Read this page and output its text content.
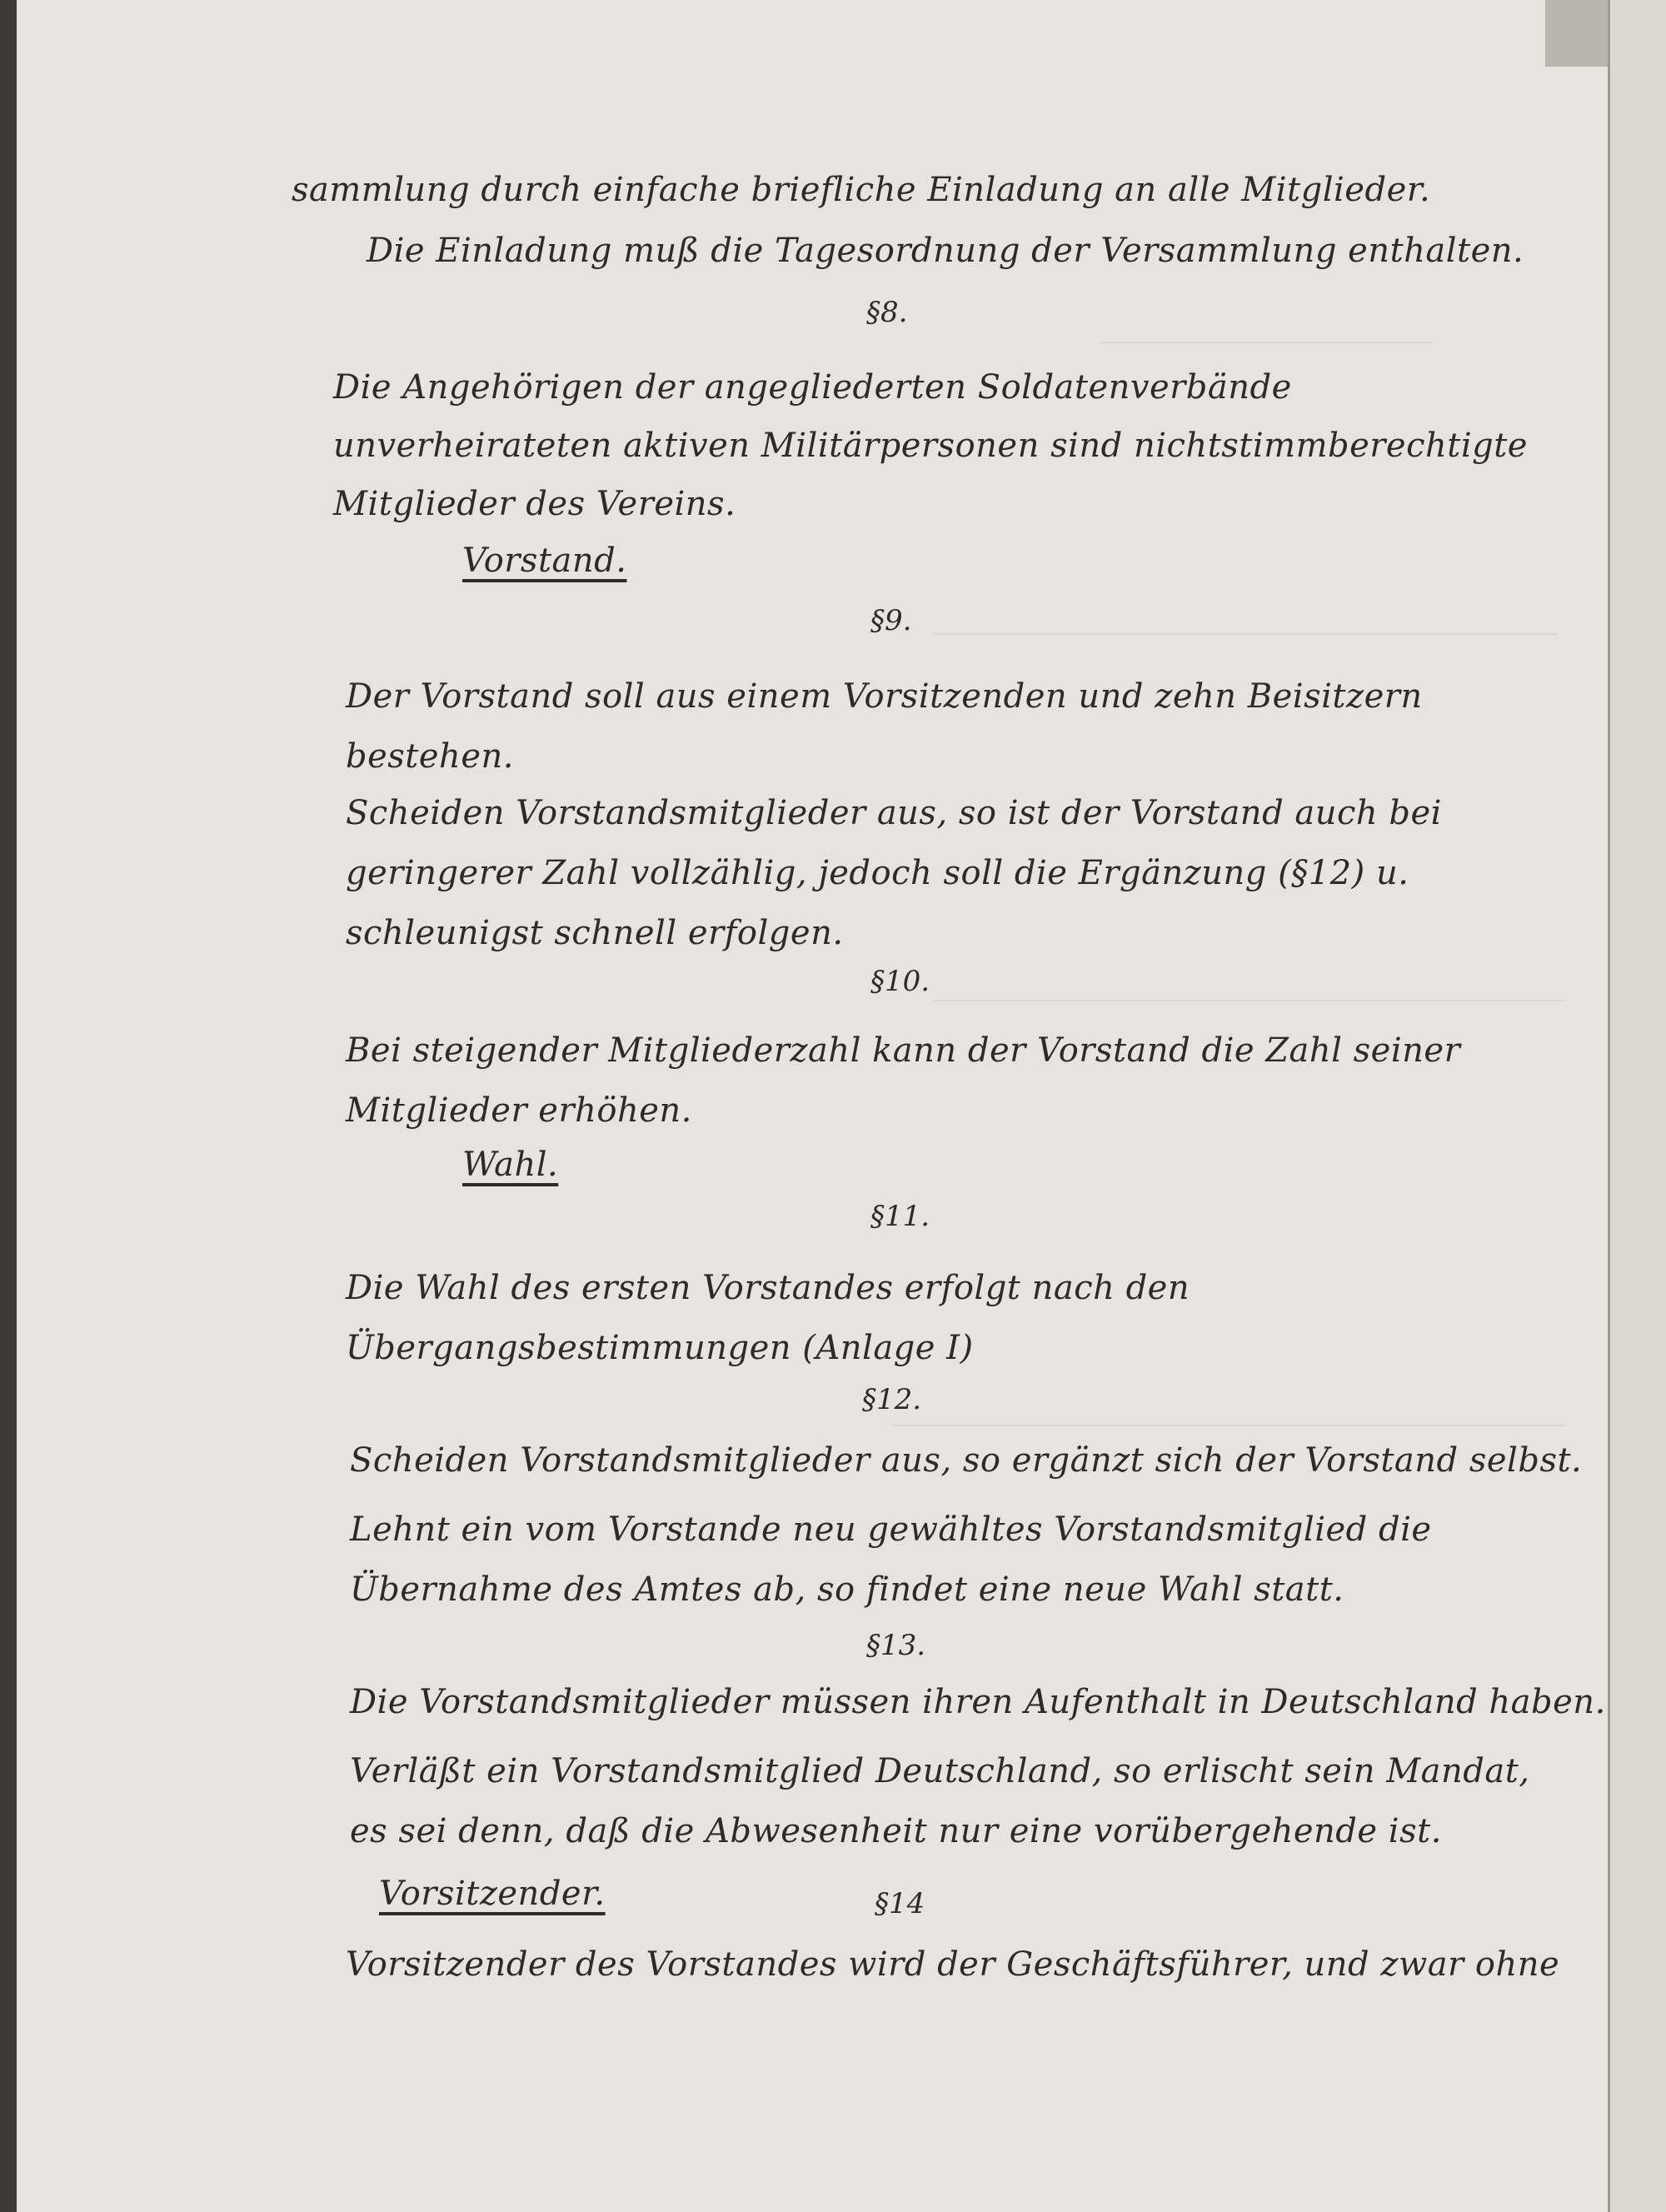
sammlung durch einfache briefliche Einladung an alle Mitglieder.
Die Einladung muß die Tagesordnung der Versammlung enthalten.
§8.
Die Angehörigen der angegliederten Soldatenverbände unverheirateten aktiven Militärpersonen sind nichtstimmberechtigte Mitglieder des Vereins.
Vorstand.
§9.
Der Vorstand soll aus einem Vorsitzenden und zehn Beisitzern bestehen.
Scheiden Vorstandsmitglieder aus, so ist der Vorstand auch bei geringerer Zahl vollzählig, jedoch soll die Ergänzung (§12) u. schleunigst schnell erfolgen.
§10.
Bei steigender Mitgliederzahl kann der Vorstand die Zahl seiner Mitglieder erhöhen.
Wahl.
§11.
Die Wahl des ersten Vorstandes erfolgt nach den Übergangsbestimmungen (Anlage I)
§12.
Scheiden Vorstandsmitglieder aus, so ergänzt sich der Vorstand selbst.
Lehnt ein vom Vorstande neu gewähltes Vorstandsmitglied die Übernahme des Amtes ab, so findet eine neue Wahl statt.
§13.
Die Vorstandsmitglieder müssen ihren Aufenthalt in Deutschland haben.
Verläßt ein Vorstandsmitglied Deutschland, so erlischt sein Mandat, es sei denn, daß die Abwesenheit nur eine vorübergehende ist.
Vorsitzender.	§14
Vorsitzender des Vorstandes wird der Geschäftsführer, und zwar ohne
